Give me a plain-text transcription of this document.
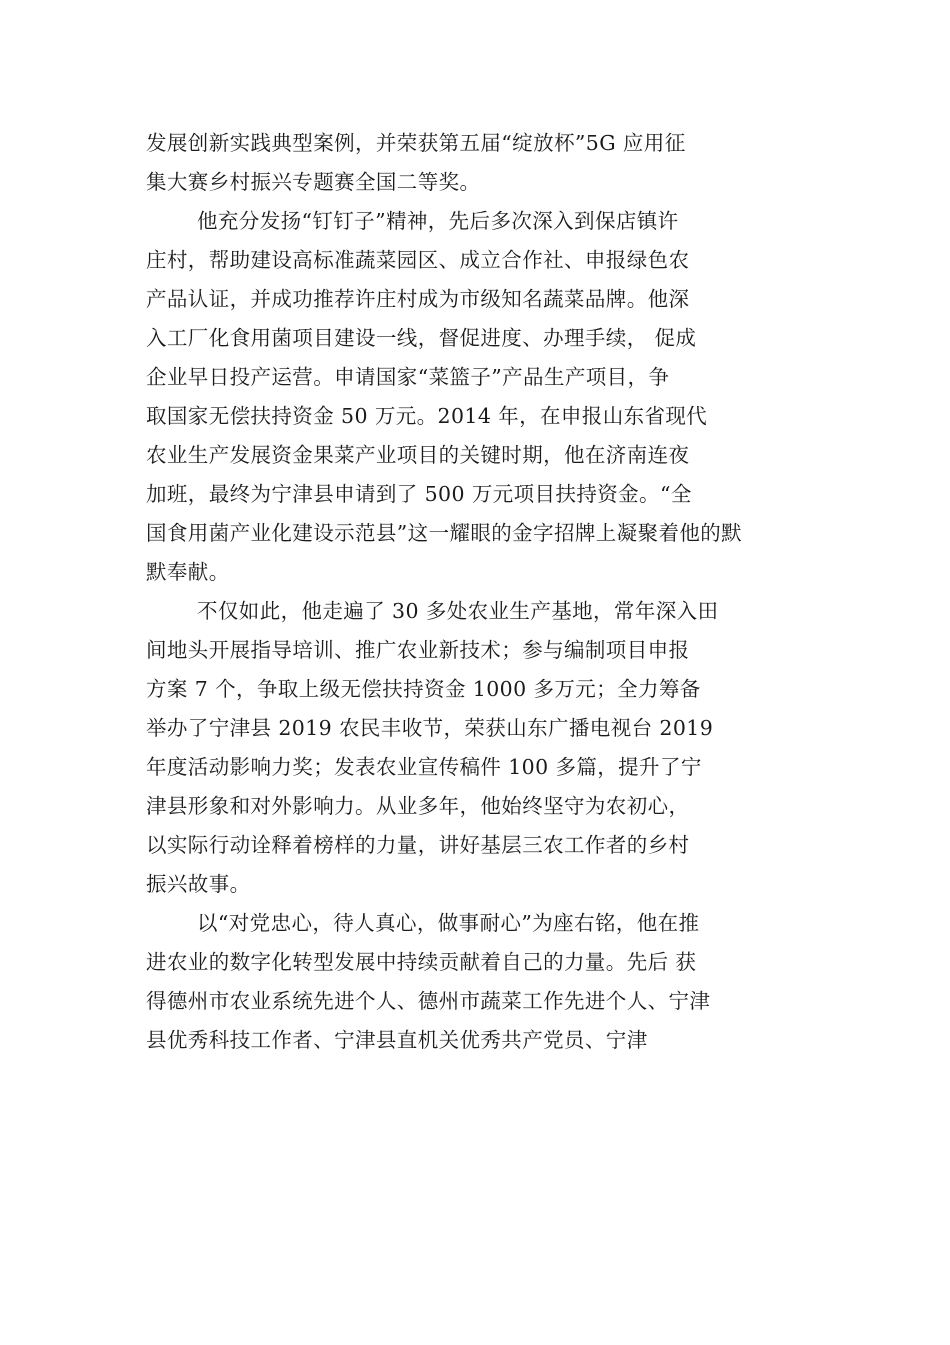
发展创新实践典型案例，并荣获第五届“绽放杯”5G 应用征
集大赛乡村振兴专题赛全国二等奖。
他充分发扬“钉钉子”精神，先后多次深入到保店镇许
庄村，帮助建设高标准蔬菜园区、成立合作社、申报绿色农
产品认证，并成功推荐许庄村成为市级知名蔬菜品牌。他深
入工厂化食用菌项目建设一线，督促进度、办理手续， 促成
企业早日投产运营。申请国家“菜篮子”产品生产项目，争
取国家无偿扶持资金 50 万元。2014 年，在申报山东省现代
农业生产发展资金果菜产业项目的关键时期，他在济南连夜
加班，最终为宁津县申请到了 500 万元项目扶持资金。“全
国食用菌产业化建设示范县”这一耀眼的金字招牌上凝聚着他的默
默奉献。
不仅如此，他走遍了 30 多处农业生产基地，常年深入田
间地头开展指导培训、推广农业新技术；参与编制项目申报
方案 7 个，争取上级无偿扶持资金 1000 多万元；全力筹备
举办了宁津县 2019 农民丰收节，荣获山东广播电视台 2019
年度活动影响力奖；发表农业宣传稿件 100 多篇，提升了宁
津县形象和对外影响力。从业多年，他始终坚守为农初心，
以实际行动诠释着榜样的力量，讲好基层三农工作者的乡村
振兴故事。
以“对党忠心，待人真心，做事耐心”为座右铭，他在推
进农业的数字化转型发展中持续贡献着自己的力量。先后 获
得德州市农业系统先进个人、德州市蔬菜工作先进个人、宁津
县优秀科技工作者、宁津县直机关优秀共产党员、宁津
